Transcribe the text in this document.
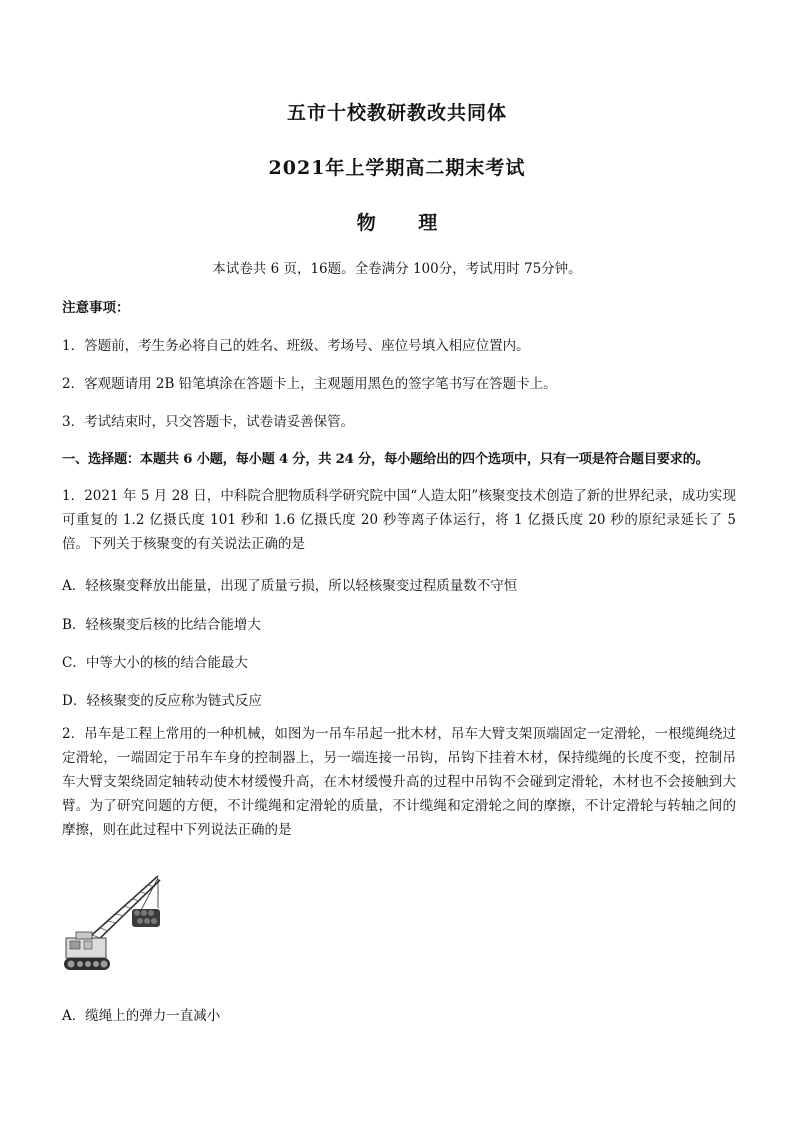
五市十校教研教改共同体
2021年上学期高二期末考试
物 理
本试卷共 6 页，16题。全卷满分 100分，考试用时 75分钟。
注意事项：
1．答题前，考生务必将自己的姓名、班级、考场号、座位号填入相应位置内。
2．客观题请用 2B 铅笔填涂在答题卡上，主观题用黑色的签字笔书写在答题卡上。
3．考试结束时，只交答题卡，试卷请妥善保管。
一、选择题：本题共 6 小题，每小题 4 分，共 24 分，每小题给出的四个选项中，只有一项是符合题目要求的。
1．2021 年 5 月 28 日，中科院合肥物质科学研究院中国“人造太阳”核聚变技术创造了新的世界纪录，成功实现可重复的 1.2 亿摄氏度 101 秒和 1.6 亿摄氏度 20 秒等离子体运行，将 1 亿摄氏度 20 秒的原纪录延长了 5 倍。下列关于核聚变的有关说法正确的是
A．轻核聚变释放出能量，出现了质量亏损，所以轻核聚变过程质量数不守恒
B．轻核聚变后核的比结合能增大
C．中等大小的核的结合能最大
D．轻核聚变的反应称为链式反应
2．吊车是工程上常用的一种机械，如图为一吊车吊起一批木材，吊车大臂支架顶端固定一定滑轮，一根缆绳绕过定滑轮，一端固定于吊车车身的控制器上，另一端连接一吊钩，吊钩下挂着木材，保持缆绳的长度不变，控制吊车大臂支架绕固定轴转动使木材缓慢升高，在木材缓慢升高的过程中吊钩不会碰到定滑轮，木材也不会接触到大臂。为了研究问题的方便，不计缆绳和定滑轮的质量，不计缆绳和定滑轮之间的摩擦，不计定滑轮与转轴之间的摩擦，则在此过程中下列说法正确的是
A．缆绳上的弹力一直减小
